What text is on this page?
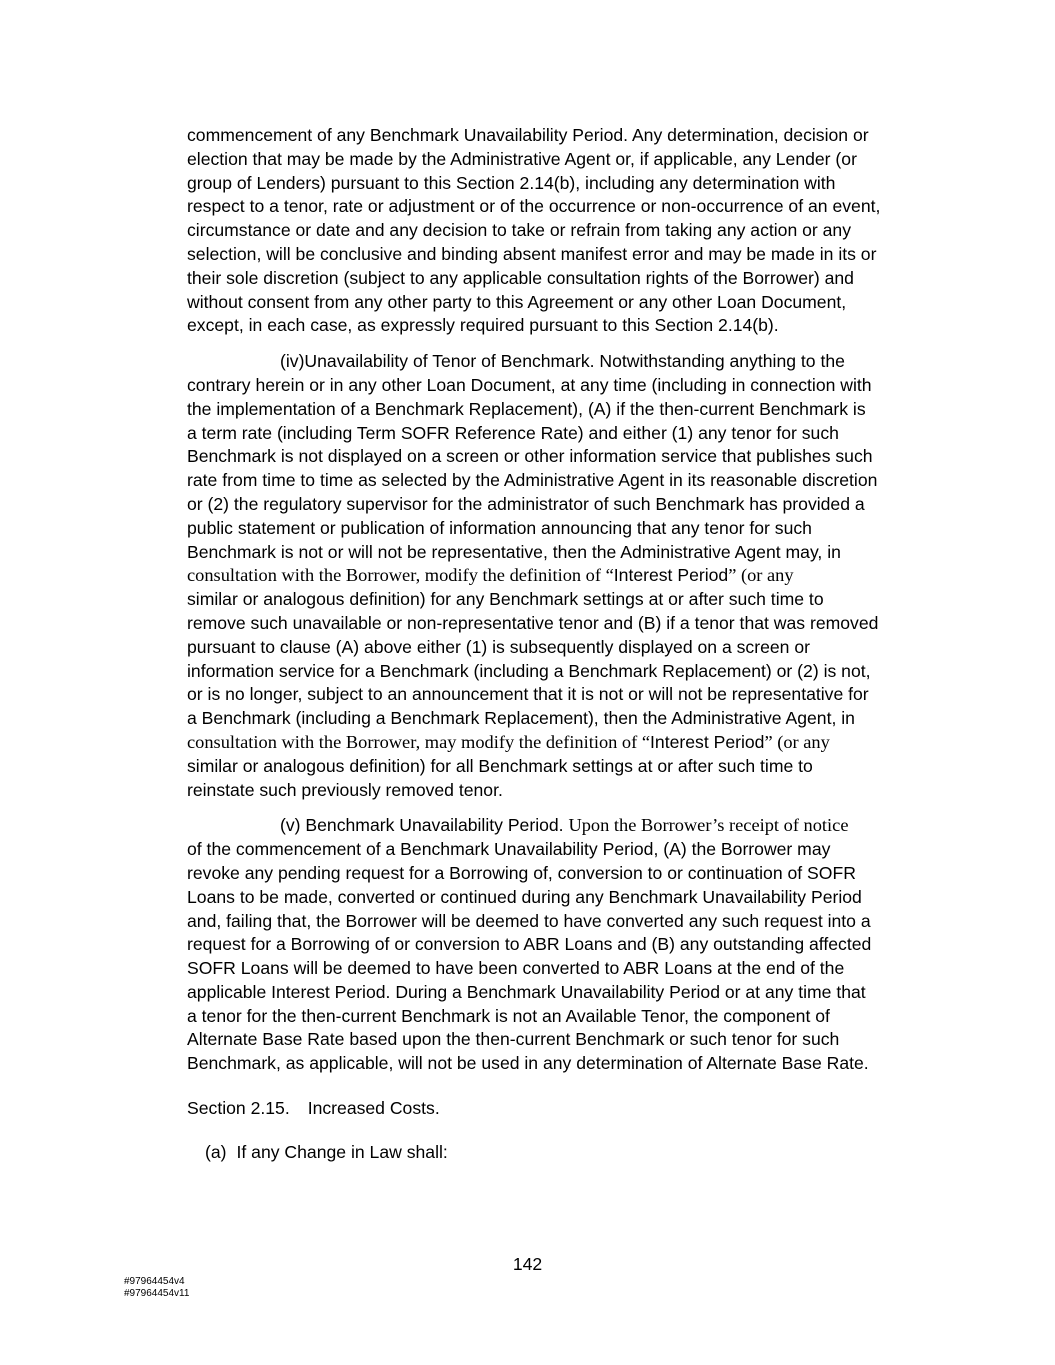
commencement of any Benchmark Unavailability Period. Any determination, decision or
election that may be made by the Administrative Agent or, if applicable, any Lender (or
group of Lenders) pursuant to this Section 2.14(b), including any determination with
respect to a tenor, rate or adjustment or of the occurrence or non-occurrence of an event,
circumstance or date and any decision to take or refrain from taking any action or any
selection, will be conclusive and binding absent manifest error and may be made in its or
their sole discretion (subject to any applicable consultation rights of the Borrower) and
without consent from any other party to this Agreement or any other Loan Document,
except, in each case, as expressly required pursuant to this Section 2.14(b).

(iv)Unavailability of Tenor of Benchmark. Notwithstanding anything to the
contrary herein or in any other Loan Document, at any time (including in connection with
the implementation of a Benchmark Replacement), (A) if the then-current Benchmark is
a term rate (including Term SOFR Reference Rate) and either (1) any tenor for such
Benchmark is not displayed on a screen or other information service that publishes such
rate from time to time as selected by the Administrative Agent in its reasonable discretion
or (2) the regulatory supervisor for the administrator of such Benchmark has provided a
public statement or publication of information announcing that any tenor for such
Benchmark is not or will not be representative, then the Administrative Agent may, in
consultation with the Borrower, modify the definition of “Interest Period” (or any
similar or analogous definition) for any Benchmark settings at or after such time to
remove such unavailable or non-representative tenor and (B) if a tenor that was removed
pursuant to clause (A) above either (1) is subsequently displayed on a screen or
information service for a Benchmark (including a Benchmark Replacement) or (2) is not,
or is no longer, subject to an announcement that it is not or will not be representative for
a Benchmark (including a Benchmark Replacement), then the Administrative Agent, in
consultation with the Borrower, may modify the definition of “Interest Period” (or any
similar or analogous definition) for all Benchmark settings at or after such time to
reinstate such previously removed tenor.

(v) Benchmark Unavailability Period. Upon the Borrower’s receipt of notice
of the commencement of a Benchmark Unavailability Period, (A) the Borrower may
revoke any pending request for a Borrowing of, conversion to or continuation of SOFR
Loans to be made, converted or continued during any Benchmark Unavailability Period
and, failing that, the Borrower will be deemed to have converted any such request into a
request for a Borrowing of or conversion to ABR Loans and (B) any outstanding affected
SOFR Loans will be deemed to have been converted to ABR Loans at the end of the
applicable Interest Period. During a Benchmark Unavailability Period or at any time that
a tenor for the then-current Benchmark is not an Available Tenor, the component of
Alternate Base Rate based upon the then-current Benchmark or such tenor for such
Benchmark, as applicable, will not be used in any determination of Alternate Base Rate.

Section 2.15. Increased Costs.
(a) If any Change in Law shall:
142
#97964454v4
#97964454v11
